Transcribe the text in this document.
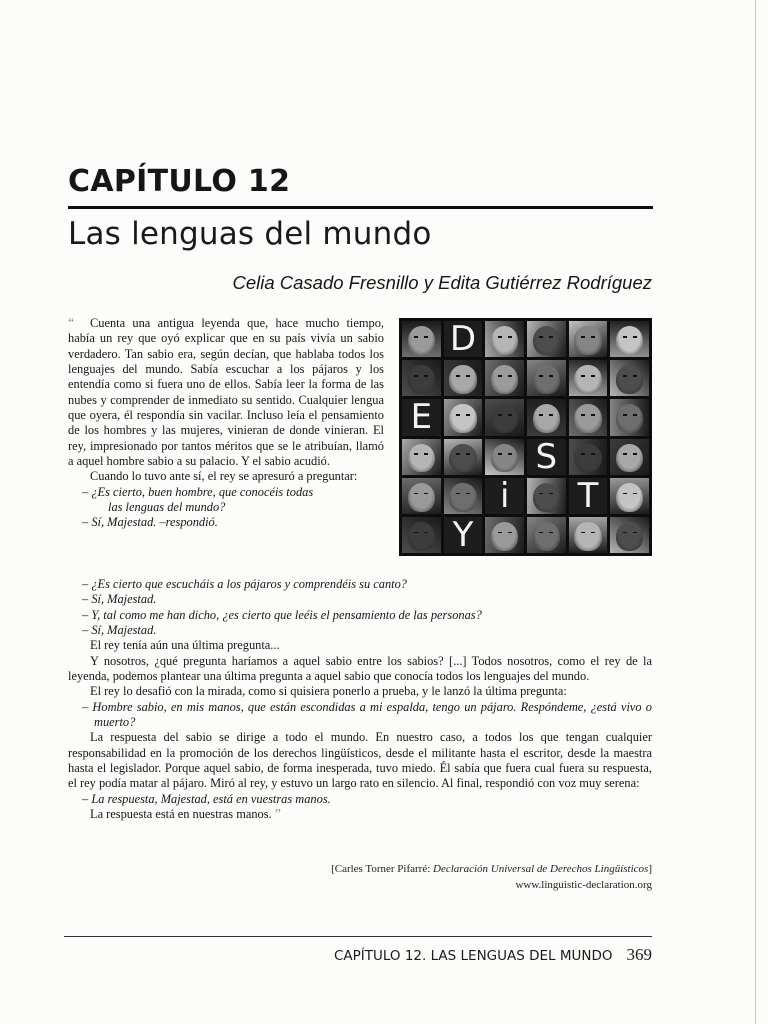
CAPÍTULO 12
Las lenguas del mundo

Celia Casado Fresnillo y Edita Gutiérrez Rodríguez

“ Cuenta una antigua leyenda que, hace mucho tiempo, había un rey que oyó explicar que en su país vivía un sabio verdadero. Tan sabio era, según decían, que hablaba todos los lenguajes del mundo. Sabía escuchar a los pájaros y los entendía como si fuera uno de ellos. Sabía leer la forma de las nubes y comprender de inmediato su sentido. Cualquier lengua que oyera, él respondía sin vacilar. Incluso leía el pensamiento de los hombres y las mujeres, vinieran de donde vinieran. El rey, impresionado por tantos méritos que se le atribuían, llamó a aquel hombre sabio a su palacio. Y el sabio acudió.

Cuando lo tuvo ante sí, el rey se apresuró a preguntar:

– ¿Es cierto, buen hombre, que conocéis todas

las lenguas del mundo?

– Sí, Majestad. –respondió.

D
E
S
i	T
Y

– ¿Es cierto que escucháis a los pájaros y comprendéis su canto?

– Sí, Majestad.

– Y, tal como me han dicho, ¿es cierto que leéis el pensamiento de las personas?

– Sí, Majestad.

El rey tenía aún una última pregunta...

Y nosotros, ¿qué pregunta haríamos a aquel sabio entre los sabios? [...] Todos nosotros, como el rey de la leyenda, podemos plantear una última pregunta a aquel sabio que conocía todos los lenguajes del mundo.

El rey lo desafió con la mirada, como si quisiera ponerlo a prueba, y le lanzó la última pregunta:

– Hombre sabio, en mis manos, que están escondidas a mi espalda, tengo un pájaro. Respóndeme, ¿está vivo o muerto?

La respuesta del sabio se dirige a todo el mundo. En nuestro caso, a todos los que tengan cualquier responsabilidad en la promoción de los derechos lingüísticos, desde el militante hasta el escritor, desde la maestra hasta el legislador. Porque aquel sabio, de forma inesperada, tuvo miedo. Él sabía que fuera cual fuera su respuesta, el rey podía matar al pájaro. Miró al rey, y estuvo un largo rato en silencio. Al final, respondió con voz muy serena:

– La respuesta, Majestad, está en vuestras manos.

La respuesta está en nuestras manos. ”

[Carles Torner Pifarré: Declaración Universal de Derechos Lingüísticos] www.linguistic-declaration.org

CAPÍTULO 12. LAS LENGUAS DEL MUNDO 369
